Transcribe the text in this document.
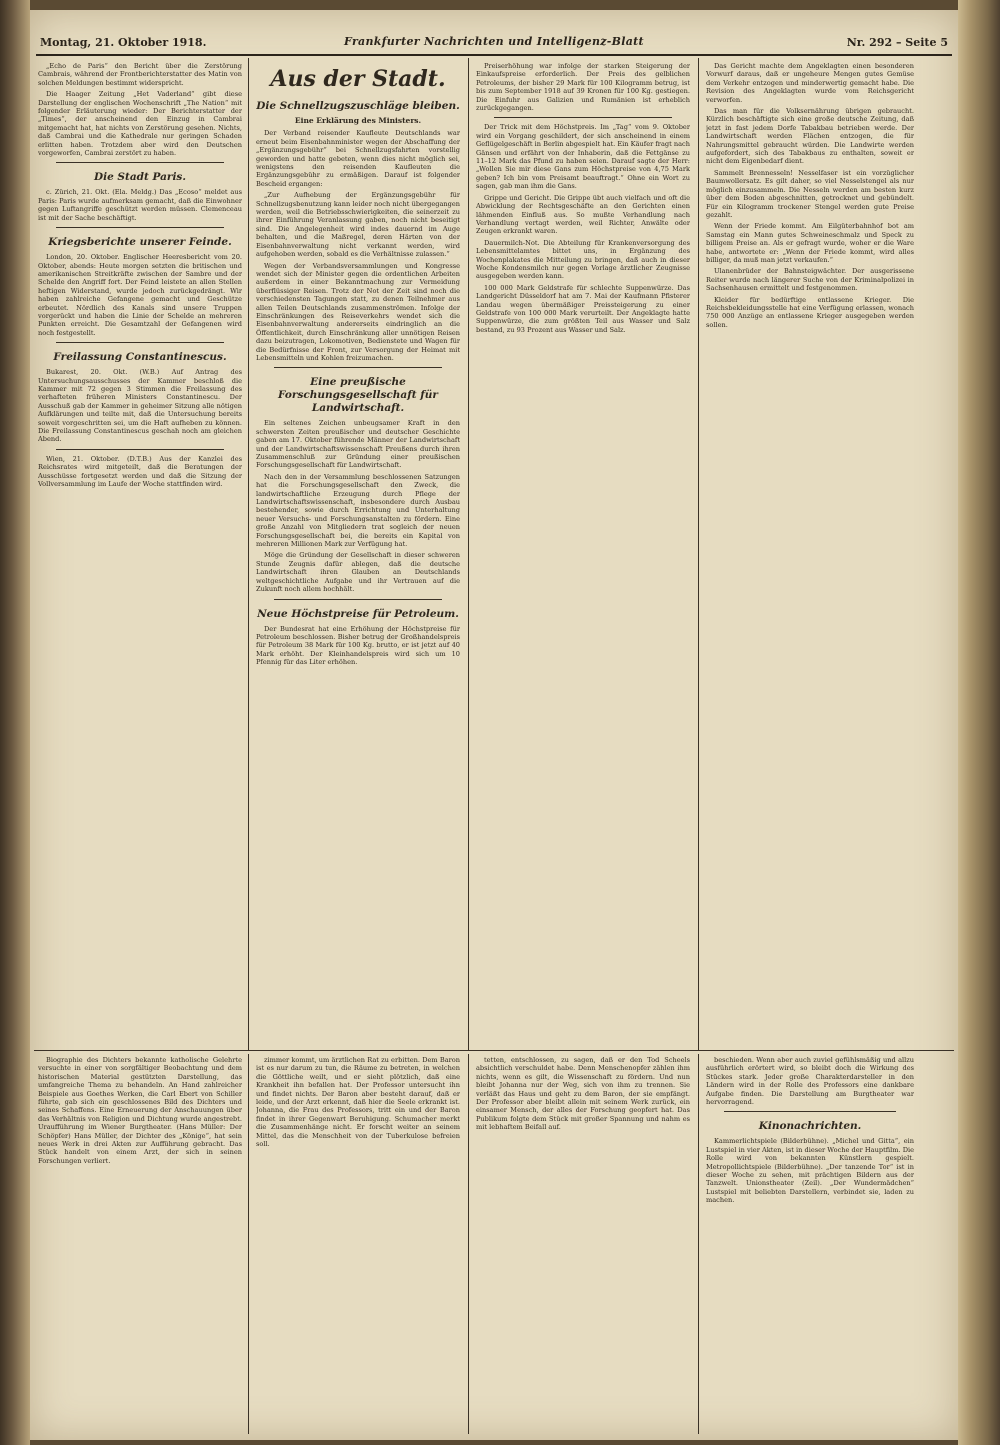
Montag, 21. Oktober 1918.	Frankfurter Nachrichten und Intelligenz-Blatt	Nr. 292 – Seite 5

„Echo de Paris“ den Bericht über die Zerstörung Cambrais, während der Frontberichterstatter des Matin von solchen Meldungen bestimmt widerspricht.

Die Haager Zeitung „Het Vaderland“ gibt diese Darstellung der englischen Wochenschrift „The Nation“ mit folgender Erläuterung wieder: Der Berichterstatter der „Times“, der anscheinend den Einzug in Cambrai mitgemacht hat, hat nichts von Zerstörung gesehen. Nichts, daß Cambrai und die Kathedrale nur geringen Schaden erlitten haben. Trotzdem aber wird den Deutschen vorgeworfen, Cambrai zerstört zu haben.

Die Stadt Paris.

c. Zürich, 21. Okt. (Ela. Meldg.) Das „Ecoso“ meldet aus Paris: Paris wurde aufmerksam gemacht, daß die Einwohner gegen Luftangriffe geschützt werden müssen. Clemenceau ist mit der Sache beschäftigt.

Kriegsberichte unserer Feinde.

London, 20. Oktober. Englischer Heeresbericht vom 20. Oktober, abends: Heute morgen setzten die britischen und amerikanischen Streitkräfte zwischen der Sambre und der Schelde den Angriff fort. Der Feind leistete an allen Stellen heftigen Widerstand, wurde jedoch zurückgedrängt. Wir haben zahlreiche Gefangene gemacht und Geschütze erbeutet. Nördlich des Kanals sind unsere Truppen vorgerückt und haben die Linie der Schelde an mehreren Punkten erreicht. Die Gesamtzahl der Gefangenen wird noch festgestellt.

Freilassung Constantinescus.

Bukarest, 20. Okt. (W.B.) Auf Antrag des Untersuchungsausschusses der Kammer beschloß die Kammer mit 72 gegen 3 Stimmen die Freilassung des verhafteten früheren Ministers Constantinescu. Der Ausschuß gab der Kammer in geheimer Sitzung alle nötigen Aufklärungen und teilte mit, daß die Untersuchung bereits soweit vorgeschritten sei, um die Haft aufheben zu können. Die Freilassung Constantinescus geschah noch am gleichen Abend.

Wien, 21. Oktober. (D.T.B.) Aus der Kanzlei des Reichsrates wird mitgeteilt, daß die Beratungen der Ausschüsse fortgesetzt werden und daß die Sitzung der Vollversammlung im Laufe der Woche stattfinden wird.

Aus der Stadt.
Die Schnellzugszuschläge bleiben.
Eine Erklärung des Ministers.

Der Verband reisender Kaufleute Deutschlands war erneut beim Eisenbahnminister wegen der Abschaffung der „Ergänzungsgebühr“ bei Schnellzugsfahrten vorstellig geworden und hatte gebeten, wenn dies nicht möglich sei, wenigstens den reisenden Kaufleuten die Ergänzungsgebühr zu ermäßigen. Darauf ist folgender Bescheid ergangen:

„Zur Aufhebung der Ergänzungsgebühr für Schnellzugsbenutzung kann leider noch nicht übergegangen werden, weil die Betriebsschwierigkeiten, die seinerzeit zu ihrer Einführung Veranlassung gaben, noch nicht beseitigt sind. Die Angelegenheit wird indes dauernd im Auge behalten, und die Maßregel, deren Härten von der Eisenbahnverwaltung nicht verkannt werden, wird aufgehoben werden, sobald es die Verhältnisse zulassen.“

Wegen der Verbandsversammlungen und Kongresse wendet sich der Minister gegen die ordentlichen Arbeiten außerdem in einer Bekanntmachung zur Vermeidung überflüssiger Reisen. Trotz der Not der Zeit sind noch die verschiedensten Tagungen statt, zu denen Teilnehmer aus allen Teilen Deutschlands zusammenströmen. Infolge der Einschränkungen des Reiseverkehrs wendet sich die Eisenbahnverwaltung andererseits eindringlich an die Öffentlichkeit, durch Einschränkung aller unnötigen Reisen dazu beizutragen, Lokomotiven, Bedienstete und Wagen für die Bedürfnisse der Front, zur Versorgung der Heimat mit Lebensmitteln und Kohlen freizumachen.

Eine preußische Forschungsgesellschaft für Landwirtschaft.

Ein seltenes Zeichen unbeugsamer Kraft in den schwersten Zeiten preußischer und deutscher Geschichte gaben am 17. Oktober führende Männer der Landwirtschaft und der Landwirtschaftswissenschaft Preußens durch ihren Zusammenschluß zur Gründung einer preußischen Forschungsgesellschaft für Landwirtschaft.

Nach den in der Versammlung beschlossenen Satzungen hat die Forschungsgesellschaft den Zweck, die landwirtschaftliche Erzeugung durch Pflege der Landwirtschaftswissenschaft, insbesondere durch Ausbau bestehender, sowie durch Errichtung und Unterhaltung neuer Versuchs- und Forschungsanstalten zu fördern. Eine große Anzahl von Mitgliedern trat sogleich der neuen Forschungsgesellschaft bei, die bereits ein Kapital von mehreren Millionen Mark zur Verfügung hat.

Möge die Gründung der Gesellschaft in dieser schweren Stunde Zeugnis dafür ablegen, daß die deutsche Landwirtschaft ihren Glauben an Deutschlands weltgeschichtliche Aufgabe und ihr Vertrauen auf die Zukunft noch allem hochhält.

Neue Höchstpreise für Petroleum.

Der Bundesrat hat eine Erhöhung der Höchstpreise für Petroleum beschlossen. Bisher betrug der Großhandelspreis für Petroleum 38 Mark für 100 Kg. brutto, er ist jetzt auf 40 Mark erhöht. Der Kleinhandelspreis wird sich um 10 Pfennig für das Liter erhöhen.

Preiserhöhung war infolge der starken Steigerung der Einkaufspreise erforderlich. Der Preis des gelblichen Petroleums, der bisher 29 Mark für 100 Kilogramm betrug, ist bis zum September 1918 auf 39 Kronen für 100 Kg. gestiegen. Die Einfuhr aus Galizien und Rumänien ist erheblich zurückgegangen.

Der Trick mit dem Höchstpreis. Im „Tag“ vom 9. Oktober wird ein Vorgang geschildert, der sich anscheinend in einem Geflügelgeschäft in Berlin abgespielt hat. Ein Käufer fragt nach Gänsen und erfährt von der Inhaberin, daß die Fettgänse zu 11–12 Mark das Pfund zu haben seien. Darauf sagte der Herr: „Wollen Sie mir diese Gans zum Höchstpreise von 4,75 Mark geben? Ich bin vom Preisamt beauftragt.“ Ohne ein Wort zu sagen, gab man ihm die Gans.

Grippe und Gericht. Die Grippe übt auch vielfach und oft die Abwicklung der Rechtsgeschäfte an den Gerichten einen lähmenden Einfluß aus. So mußte Verhandlung nach Verhandlung vertagt werden, weil Richter, Anwälte oder Zeugen erkrankt waren.

Dauermilch-Not. Die Abteilung für Krankenversorgung des Lebensmittelamtes bittet uns, in Ergänzung des Wochenplakates die Mitteilung zu bringen, daß auch in dieser Woche Kondensmilch nur gegen Vorlage ärztlicher Zeugnisse ausgegeben werden kann.

100 000 Mark Geldstrafe für schlechte Suppenwürze. Das Landgericht Düsseldorf hat am 7. Mai der Kaufmann Pfisterer Landau wegen übermäßiger Preissteigerung zu einer Geldstrafe von 100 000 Mark verurteilt. Der Angeklagte hatte Suppenwürze, die zum größten Teil aus Wasser und Salz bestand, zu 93 Prozent aus Wasser und Salz.

Das Gericht machte dem Angeklagten einen besonderen Vorwurf daraus, daß er ungeheure Mengen gutes Gemüse dem Verkehr entzogen und minderwertig gemacht habe. Die Revision des Angeklagten wurde vom Reichsgericht verworfen.

Das man für die Volksernährung übrigen gebraucht. Kürzlich beschäftigte sich eine große deutsche Zeitung, daß jetzt in fast jedem Dorfe Tabakbau betrieben werde. Der Landwirtschaft werden Flächen entzogen, die für Nahrungsmittel gebraucht würden. Die Landwirte werden aufgefordert, sich des Tabakbaus zu enthalten, soweit er nicht dem Eigenbedarf dient.

Sammelt Brennesseln! Nesselfaser ist ein vorzüglicher Baumwollersatz. Es gilt daher, so viel Nesselstengel als nur möglich einzusammeln. Die Nesseln werden am besten kurz über dem Boden abgeschnitten, getrocknet und gebündelt. Für ein Kilogramm trockener Stengel werden gute Preise gezahlt.

Wenn der Friede kommt. Am Eilgüterbahnhof bot am Samstag ein Mann gutes Schweineschmalz und Speck zu billigem Preise an. Als er gefragt wurde, woher er die Ware habe, antwortete er: „Wenn der Friede kommt, wird alles billiger, da muß man jetzt verkaufen.“

Ulanenbrüder der Bahnsteigwächter. Der ausgerissene Reiter wurde nach längerer Suche von der Kriminalpolizei in Sachsenhausen ermittelt und festgenommen.

Kleider für bedürftige entlassene Krieger. Die Reichsbekleidungsstelle hat eine Verfügung erlassen, wonach 750 000 Anzüge an entlassene Krieger ausgegeben werden sollen.

Biographie des Dichters bekannte katholische Gelehrte versuchte in einer von sorgfältiger Beobachtung und dem historischen Material gestützten Darstellung, das umfangreiche Thema zu behandeln. An Hand zahlreicher Beispiele aus Goethes Werken, die Carl Ebert von Schiller führte, gab sich ein geschlossenes Bild des Dichters und seines Schaffens. Eine Erneuerung der Anschauungen über das Verhältnis von Religion und Dichtung wurde angestrebt. Uraufführung im Wiener Burgtheater. (Hans Müller: Der Schöpfer) Hans Müller, der Dichter des „Könige“, hat sein neues Werk in drei Akten zur Aufführung gebracht. Das Stück handelt von einem Arzt, der sich in seinen Forschungen verliert.

zimmer kommt, um ärztlichen Rat zu erbitten. Dem Baron ist es nur darum zu tun, die Räume zu betreten, in welchen die Göttliche weilt, und er sieht plötzlich, daß eine Krankheit ihn befallen hat. Der Professor untersucht ihn und findet nichts. Der Baron aber besteht darauf, daß er leide, und der Arzt erkennt, daß hier die Seele erkrankt ist. Johanna, die Frau des Professors, tritt ein und der Baron findet in ihrer Gegenwart Beruhigung. Schumacher merkt die Zusammenhänge nicht. Er forscht weiter an seinem Mittel, das die Menschheit von der Tuberkulose befreien soll.

tetten, entschlossen, zu sagen, daß er den Tod Scheels absichtlich verschuldet habe. Denn Menschenopfer zählen ihm nichts, wenn es gilt, die Wissenschaft zu fördern. Und nun bleibt Johanna nur der Weg, sich von ihm zu trennen. Sie verläßt das Haus und geht zu dem Baron, der sie empfängt. Der Professor aber bleibt allein mit seinem Werk zurück, ein einsamer Mensch, der alles der Forschung geopfert hat. Das Publikum folgte dem Stück mit großer Spannung und nahm es mit lebhaftem Beifall auf.

beschieden. Wenn aber auch zuviel gefühlsmäßig und allzu ausführlich erörtert wird, so bleibt doch die Wirkung des Stückes stark. Jeder große Charakterdarsteller in den Ländern wird in der Rolle des Professors eine dankbare Aufgabe finden. Die Darstellung am Burgtheater war hervorragend.

Kinonachrichten.

Kammerlichtspiele (Bilderbühne). „Michel und Gitta“, ein Lustspiel in vier Akten, ist in dieser Woche der Hauptfilm. Die Rolle wird von bekannten Künstlern gespielt. Metropollichtspiele (Bilderbühne). „Der tanzende Tor“ ist in dieser Woche zu sehen, mit prächtigen Bildern aus der Tanzwelt. Unionstheater (Zeil). „Der Wundermädchen“ Lustspiel mit beliebten Darstellern, verbindet sie, laden zu machen.
